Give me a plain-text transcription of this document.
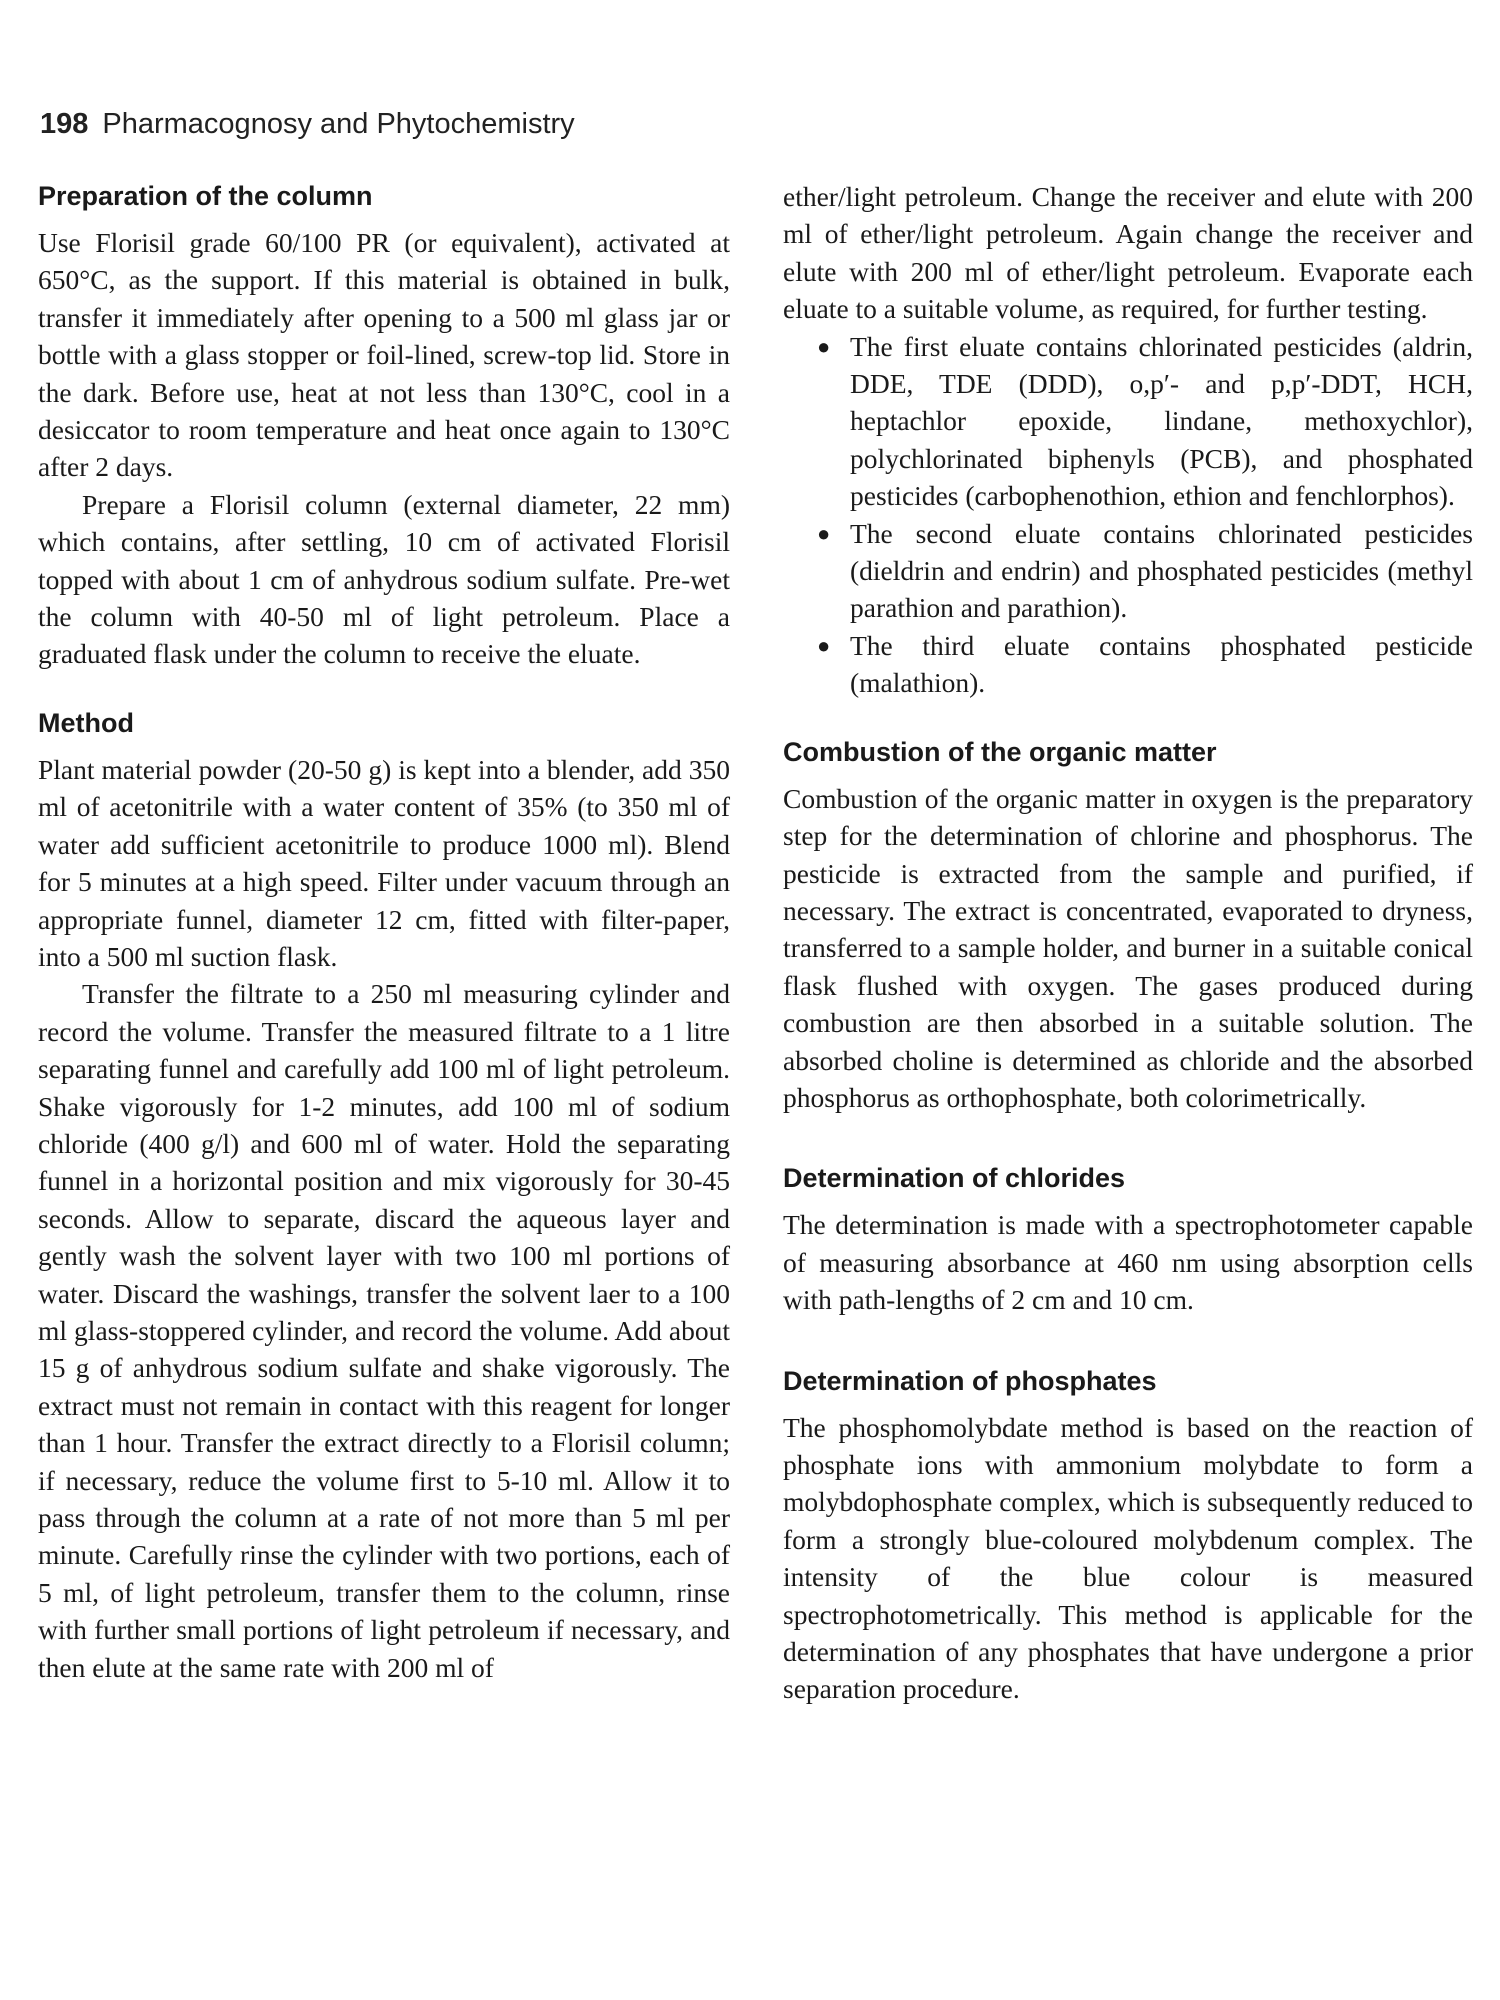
198 Pharmacognosy and Phytochemistry
Preparation of the column

Use Florisil grade 60/100 PR (or equivalent), activated at 650°C, as the support. If this material is obtained in bulk, transfer it immediately after opening to a 500 ml glass jar or bottle with a glass stopper or foil-lined, screw-top lid. Store in the dark. Before use, heat at not less than 130°C, cool in a desiccator to room temperature and heat once again to 130°C after 2 days.

Prepare a Florisil column (external diameter, 22 mm) which contains, after settling, 10 cm of activated Florisil topped with about 1 cm of anhydrous sodium sulfate. Pre-wet the column with 40-50 ml of light petroleum. Place a graduated flask under the column to receive the eluate.

Method

Plant material powder (20-50 g) is kept into a blender, add 350 ml of acetonitrile with a water content of 35% (to 350 ml of water add sufficient acetonitrile to produce 1000 ml). Blend for 5 minutes at a high speed. Filter under vacuum through an appropriate funnel, diameter 12 cm, fitted with filter-paper, into a 500 ml suction flask.

Transfer the filtrate to a 250 ml measuring cylinder and record the volume. Transfer the measured filtrate to a 1 litre separating funnel and carefully add 100 ml of light petroleum. Shake vigorously for 1-2 minutes, add 100 ml of sodium chloride (400 g/l) and 600 ml of water. Hold the separating funnel in a horizontal position and mix vigorously for 30-45 seconds. Allow to separate, discard the aqueous layer and gently wash the solvent layer with two 100 ml portions of water. Discard the washings, transfer the solvent laer to a 100 ml glass-stoppered cylinder, and record the volume. Add about 15 g of anhydrous sodium sulfate and shake vigorously. The extract must not remain in contact with this reagent for longer than 1 hour. Transfer the extract directly to a Florisil column; if necessary, reduce the volume first to 5-10 ml. Allow it to pass through the column at a rate of not more than 5 ml per minute. Carefully rinse the cylinder with two portions, each of 5 ml, of light petroleum, transfer them to the column, rinse with further small portions of light petroleum if necessary, and then elute at the same rate with 200 ml of

ether/light petroleum. Change the receiver and elute with 200 ml of ether/light petroleum. Again change the receiver and elute with 200 ml of ether/light petroleum. Evaporate each eluate to a suitable volume, as required, for further testing.

● The first eluate contains chlorinated pesticides (aldrin, DDE, TDE (DDD), o,p′- and p,p′-DDT, HCH, heptachlor epoxide, lindane, methoxychlor), polychlorinated biphenyls (PCB), and phosphated pesticides (carbophenothion, ethion and fenchlorphos).
● The second eluate contains chlorinated pesticides (dieldrin and endrin) and phosphated pesticides (methyl parathion and parathion).
● The third eluate contains phosphated pesticide (malathion).
Combustion of the organic matter

Combustion of the organic matter in oxygen is the preparatory step for the determination of chlorine and phosphorus. The pesticide is extracted from the sample and purified, if necessary. The extract is concentrated, evaporated to dryness, transferred to a sample holder, and burner in a suitable conical flask flushed with oxygen. The gases produced during combustion are then absorbed in a suitable solution. The absorbed choline is determined as chloride and the absorbed phosphorus as orthophosphate, both colorimetrically.

Determination of chlorides

The determination is made with a spectrophotometer capable of measuring absorbance at 460 nm using absorption cells with path-lengths of 2 cm and 10 cm.

Determination of phosphates

The phosphomolybdate method is based on the reaction of phosphate ions with ammonium molybdate to form a molybdophosphate complex, which is subsequently reduced to form a strongly blue-coloured molybdenum complex. The intensity of the blue colour is measured spectrophotometrically. This method is applicable for the determination of any phosphates that have undergone a prior separation procedure.
